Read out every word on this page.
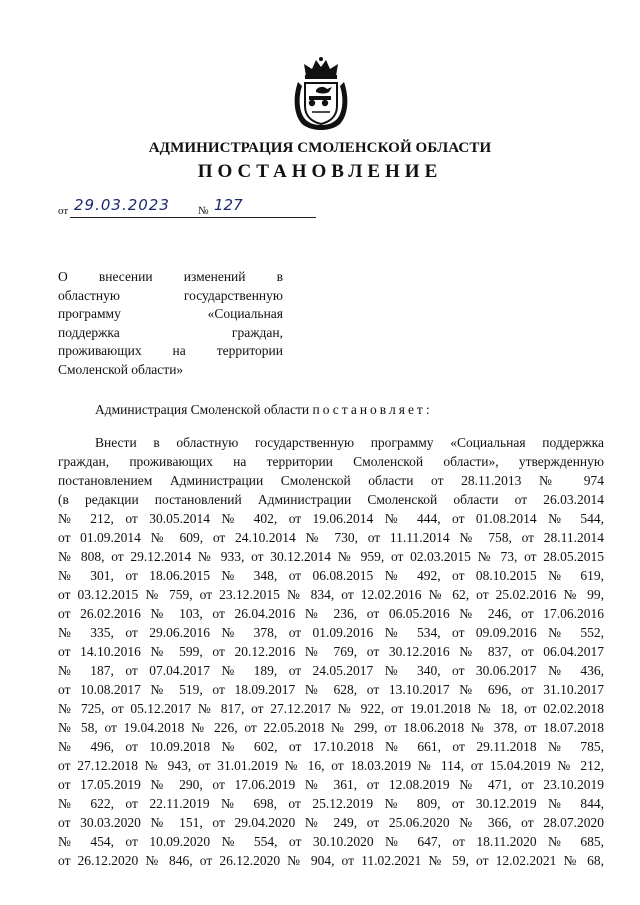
АДМИНИСТРАЦИЯ СМОЛЕНСКОЙ ОБЛАСТИ
ПОСТАНОВЛЕНИЕ
от 29.03.2023	№ 127
О внесении изменений в
областную государственную
программу «Социальная
поддержка граждан,
проживающих на территории
Смоленской области»
Администрация Смоленской области постановляет:
Внести в областную государственную программу «Социальная поддержка
граждан, проживающих на территории Смоленской области», утвержденную
постановлением Администрации Смоленской области от 28.11.2013 № 974
(в редакции постановлений Администрации Смоленской области от 26.03.2014
№ 212, от 30.05.2014 № 402, от 19.06.2014 № 444, от 01.08.2014 № 544,
от 01.09.2014 № 609, от 24.10.2014 № 730, от 11.11.2014 № 758, от 28.11.2014
№ 808, от 29.12.2014 № 933, от 30.12.2014 № 959, от 02.03.2015 № 73, от 28.05.2015
№ 301, от 18.06.2015 № 348, от 06.08.2015 № 492, от 08.10.2015 № 619,
от 03.12.2015 № 759, от 23.12.2015 № 834, от 12.02.2016 № 62, от 25.02.2016 № 99,
от 26.02.2016 № 103, от 26.04.2016 № 236, от 06.05.2016 № 246, от 17.06.2016
№ 335, от 29.06.2016 № 378, от 01.09.2016 № 534, от 09.09.2016 № 552,
от 14.10.2016 № 599, от 20.12.2016 № 769, от 30.12.2016 № 837, от 06.04.2017
№ 187, от 07.04.2017 № 189, от 24.05.2017 № 340, от 30.06.2017 № 436,
от 10.08.2017 № 519, от 18.09.2017 № 628, от 13.10.2017 № 696, от 31.10.2017
№ 725, от 05.12.2017 № 817, от 27.12.2017 № 922, от 19.01.2018 № 18, от 02.02.2018
№ 58, от 19.04.2018 № 226, от 22.05.2018 № 299, от 18.06.2018 № 378, от 18.07.2018
№ 496, от 10.09.2018 № 602, от 17.10.2018 № 661, от 29.11.2018 № 785,
от 27.12.2018 № 943, от 31.01.2019 № 16, от 18.03.2019 № 114, от 15.04.2019 № 212,
от 17.05.2019 № 290, от 17.06.2019 № 361, от 12.08.2019 № 471, от 23.10.2019
№ 622, от 22.11.2019 № 698, от 25.12.2019 № 809, от 30.12.2019 № 844,
от 30.03.2020 № 151, от 29.04.2020 № 249, от 25.06.2020 № 366, от 28.07.2020
№ 454, от 10.09.2020 № 554, от 30.10.2020 № 647, от 18.11.2020 № 685,
от 26.12.2020 № 846, от 26.12.2020 № 904, от 11.02.2021 № 59, от 12.02.2021 № 68,
